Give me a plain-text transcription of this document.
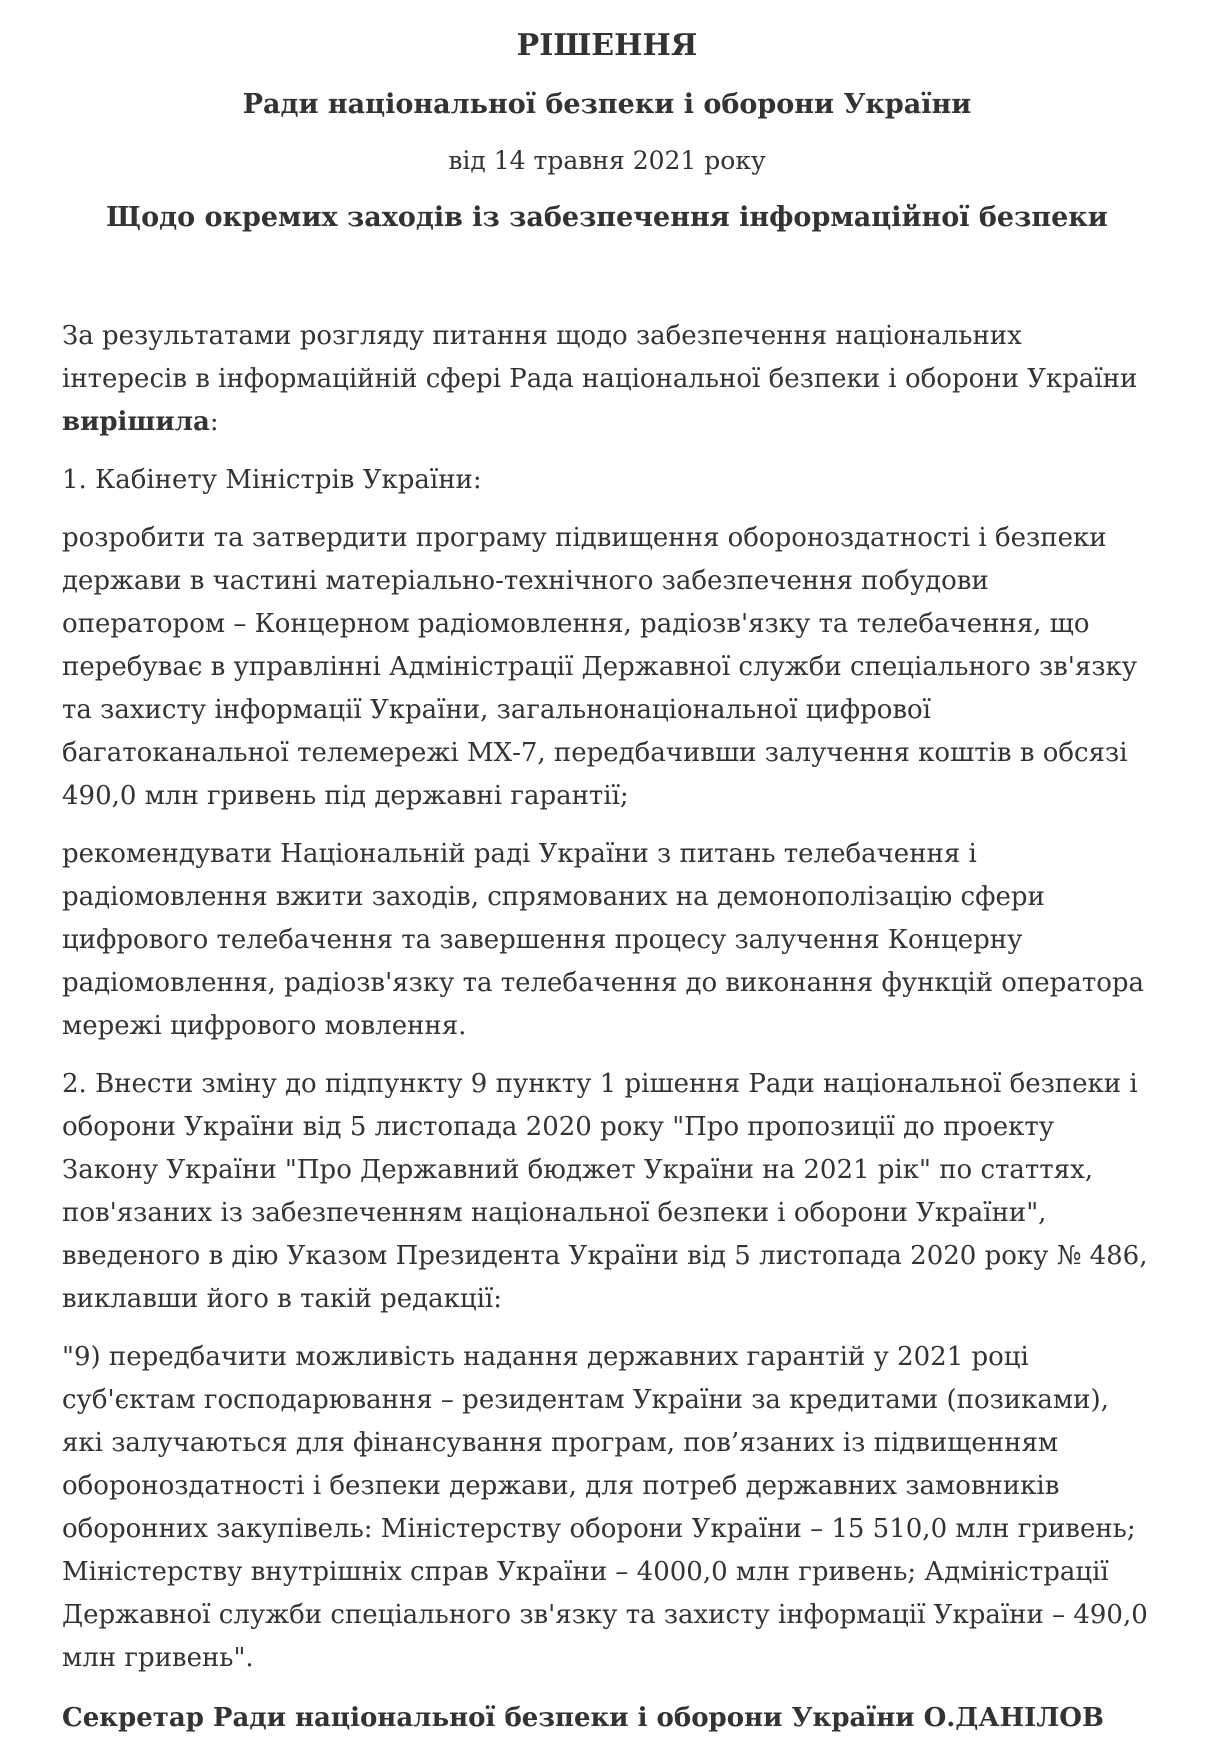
РІШЕННЯ
Ради національної безпеки і оборони України
від 14 травня 2021 року
Щодо окремих заходів із забезпечення інформаційної безпеки

За результатами розгляду питання щодо забезпечення національних інтересів в інформаційній сфері Рада національної безпеки і оборони України вирішила:

1. Кабінету Міністрів України:

розробити та затвердити програму підвищення обороноздатності і безпеки держави в частині матеріально-технічного забезпечення побудови оператором – Концерном радіомовлення, радіозв'язку та телебачення, що перебуває в управлінні Адміністрації Державної служби спеціального зв'язку та захисту інформації України, загальнонаціональної цифрової багатоканальної телемережі МХ-7, передбачивши залучення коштів в обсязі 490,0 млн гривень під державні гарантії;

рекомендувати Національній раді України з питань телебачення і радіомовлення вжити заходів, спрямованих на демонополізацію сфери цифрового телебачення та завершення процесу залучення Концерну радіомовлення, радіозв'язку та телебачення до виконання функцій оператора мережі цифрового мовлення.

2. Внести зміну до підпункту 9 пункту 1 рішення Ради національної безпеки і оборони України від 5 листопада 2020 року "Про пропозиції до проекту Закону України "Про Державний бюджет України на 2021 рік" по статтях, пов'язаних із забезпеченням національної безпеки і оборони України", введеного в дію Указом Президента України від 5 листопада 2020 року № 486, виклавши його в такій редакції:

"9) передбачити можливість надання державних гарантій у 2021 році суб'єктам господарювання – резидентам України за кредитами (позиками), які залучаються для фінансування програм, пов’язаних із підвищенням обороноздатності і безпеки держави, для потреб державних замовників оборонних закупівель: Міністерству оборони України – 15 510,0 млн гривень; Міністерству внутрішніх справ України – 4000,0 млн гривень; Адміністрації Державної служби спеціального зв'язку та захисту інформації України – 490,0 млн гривень".

Секретар Ради національної безпеки і оборони України О.ДАНІЛОВ
